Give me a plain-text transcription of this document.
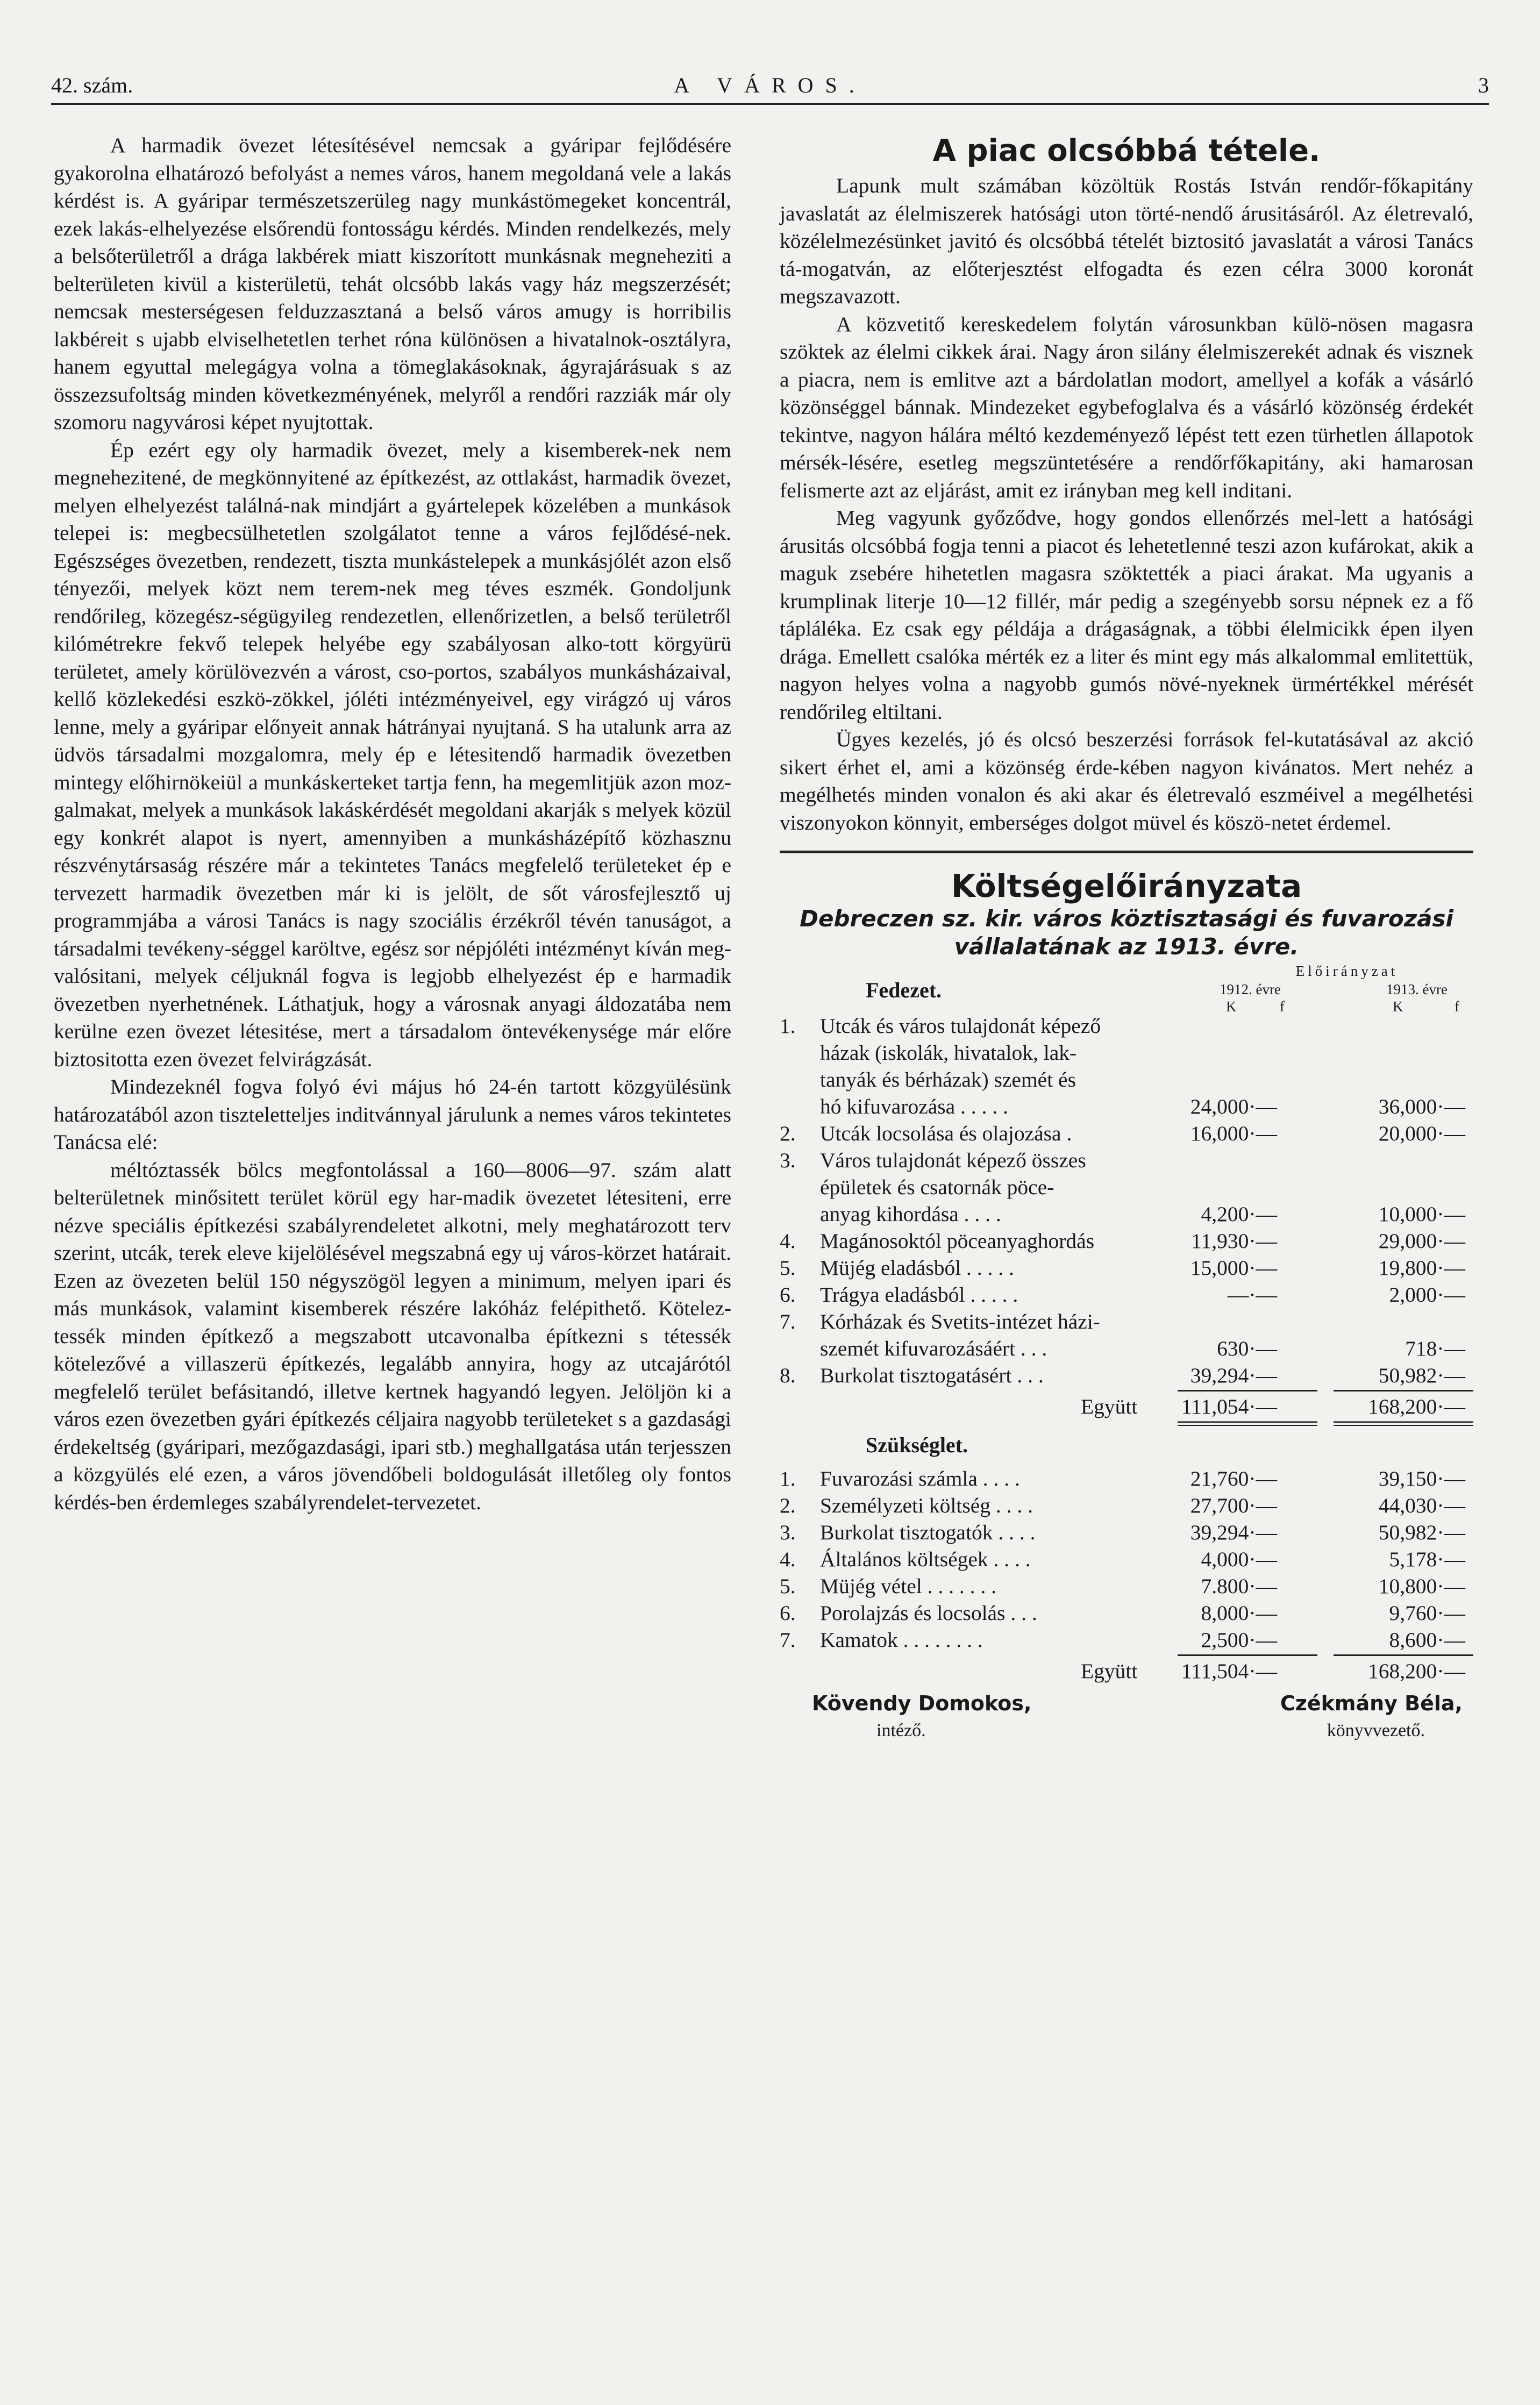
42. szám.	A VÁROS.	3

A harmadik övezet létesítésével nemcsak a gyáripar fejlődésére gyakorolna elhatározó befolyást a nemes város, hanem megoldaná vele a lakás kérdést is. A gyáripar természetszerüleg nagy munkástömegeket koncentrál, ezek lakás-elhelyezése elsőrendü fontosságu kérdés. Minden rendelkezés, mely a belsőterületről a drága lakbérek miatt kiszorított munkásnak megneheziti a belterületen kivül a kisterületü, tehát olcsóbb lakás vagy ház megszerzését; nemcsak mesterségesen felduzzasztaná a belső város amugy is horribilis lakbéreit s ujabb elviselhetetlen terhet róna különösen a hivatalnok-osztályra, hanem egyuttal melegágya volna a tömeglakásoknak, ágyrajárásuak s az összezsufoltság minden következményének, melyről a rendőri razziák már oly szomoru nagyvárosi képet nyujtottak.

Ép ezért egy oly harmadik övezet, mely a kisemberek-nek nem megnehezitené, de megkönnyitené az építkezést, az ottlakást, harmadik övezet, melyen elhelyezést találná-nak mindjárt a gyártelepek közelében a munkások telepei is: megbecsülhetetlen szolgálatot tenne a város fejlődésé-nek. Egészséges övezetben, rendezett, tiszta munkástelepek a munkásjólét azon első tényezői, melyek közt nem terem-nek meg téves eszmék. Gondoljunk rendőrileg, közegész-ségügyileg rendezetlen, ellenőrizetlen, a belső területről kilómétrekre fekvő telepek helyébe egy szabályosan alko-tott körgyürü területet, amely körülövezvén a várost, cso-portos, szabályos munkásházaival, kellő közlekedési eszkö-zökkel, jóléti intézményeivel, egy virágzó uj város lenne, mely a gyáripar előnyeit annak hátrányai nyujtaná. S ha utalunk arra az üdvös társadalmi mozgalomra, mely ép e létesitendő harmadik övezetben mintegy előhirnökeiül a munkáskerteket tartja fenn, ha megemlitjük azon moz-galmakat, melyek a munkások lakáskérdését megoldani akarják s melyek közül egy konkrét alapot is nyert, amennyiben a munkásházépítő közhasznu részvénytársaság részére már a tekintetes Tanács megfelelő területeket ép e tervezett harmadik övezetben már ki is jelölt, de sőt városfejlesztő uj programmjába a városi Tanács is nagy szociális érzékről tévén tanuságot, a társadalmi tevékeny-séggel karöltve, egész sor népjóléti intézményt kíván meg-valósitani, melyek céljuknál fogva is legjobb elhelyezést ép e harmadik övezetben nyerhetnének. Láthatjuk, hogy a városnak anyagi áldozatába nem kerülne ezen övezet létesitése, mert a társadalom öntevékenysége már előre biztositotta ezen övezet felvirágzását.

Mindezeknél fogva folyó évi május hó 24-én tartott közgyülésünk határozatából azon tiszteletteljes inditvánnyal járulunk a nemes város tekintetes Tanácsa elé:

méltóztassék bölcs megfontolással a 160—8006—97. szám alatt belterületnek minősitett terület körül egy har-madik övezetet létesiteni, erre nézve speciális építkezési szabályrendeletet alkotni, mely meghatározott terv szerint, utcák, terek eleve kijelölésével megszabná egy uj város-körzet határait. Ezen az övezeten belül 150 négyszögöl legyen a minimum, melyen ipari és más munkások, valamint kisemberek részére lakóház felépithető. Kötelez-tessék minden építkező a megszabott utcavonalba építkezni s tétessék kötelezővé a villaszerü építkezés, legalább annyira, hogy az utcajárótól megfelelő terület befásitandó, illetve kertnek hagyandó legyen. Jelöljön ki a város ezen övezetben gyári építkezés céljaira nagyobb területeket s a gazdasági érdekeltség (gyáripari, mezőgazdasági, ipari stb.) meghallgatása után terjesszen a közgyülés elé ezen, a város jövendőbeli boldogulását illetőleg oly fontos kérdés-ben érdemleges szabályrendelet-tervezetet.

A piac olcsóbbá tétele.

Lapunk mult számában közöltük Rostás István rendőr-főkapitány javaslatát az élelmiszerek hatósági uton törté-nendő árusitásáról. Az életrevaló, közélelmezésünket javitó és olcsóbbá tételét biztositó javaslatát a városi Tanács tá-mogatván, az előterjesztést elfogadta és ezen célra 3000 koronát megszavazott.

A közvetitő kereskedelem folytán városunkban külö-nösen magasra szöktek az élelmi cikkek árai. Nagy áron silány élelmiszerekét adnak és visznek a piacra, nem is emlitve azt a bárdolatlan modort, amellyel a kofák a vásárló közönséggel bánnak. Mindezeket egybefoglalva és a vásárló közönség érdekét tekintve, nagyon hálára méltó kezdeményező lépést tett ezen türhetlen állapotok mérsék-lésére, esetleg megszüntetésére a rendőrfőkapitány, aki hamarosan felismerte azt az eljárást, amit ez irányban meg kell inditani.

Meg vagyunk győződve, hogy gondos ellenőrzés mel-lett a hatósági árusitás olcsóbbá fogja tenni a piacot és lehetetlenné teszi azon kufárokat, akik a maguk zsebére hihetetlen magasra szöktették a piaci árakat. Ma ugyanis a krumplinak literje 10—12 fillér, már pedig a szegényebb sorsu népnek ez a fő tápláléka. Ez csak egy példája a drágaságnak, a többi élelmicikk épen ilyen drága. Emellett csalóka mérték ez a liter és mint egy más alkalommal emlitettük, nagyon helyes volna a nagyobb gumós növé-nyeknek ürmértékkel mérését rendőrileg eltiltani.

Ügyes kezelés, jó és olcsó beszerzési források fel-kutatásával az akció sikert érhet el, ami a közönség érde-kében nagyon kivánatos. Mert nehéz a megélhetés minden vonalon és aki akar és életrevaló eszméivel a megélhetési viszonyokon könnyit, emberséges dolgot müvel és köszö-netet érdemel.

Költségelőirányzata
Debreczen sz. kir. város köztisztasági és fuvarozási
vállalatának az 1913. évre.
Fedezet.
Előirányzat
1912. évre	1913. évre
K	f	K	f
1. Utcák és város tulajdonát képező
házak (iskolák, hivatalok, lak-
tanyák és bérházak) szemét és
hó kifuvarozása . . . . .	24,000·—	36,000·—
2. Utcák locsolása és olajozása .	16,000·—	20,000·—
3. Város tulajdonát képező összes
épületek és csatornák pöce-
anyag kihordása . . . .	4,200·—	10,000·—
4. Magánosoktól pöceanyaghordás	11,930·—	29,000·—
5. Müjég eladásból . . . . .	15,000·—	19,800·—
6. Trágya eladásból . . . . .	—·—	2,000·—
7. Kórházak és Svetits-intézet házi-
szemét kifuvarozásáért . . .	630·—	718·—
8. Burkolat tisztogatásért . . .	39,294·—	50,982·—
Együtt 111,054·—	168,200·—
Szükséglet.
1. Fuvarozási számla . . . .	21,760·—	39,150·—
2. Személyzeti költség . . . .	27,700·—	44,030·—
3. Burkolat tisztogatók . . . .	39,294·—	50,982·—
4. Általános költségek . . . .	4,000·—	5,178·—
5. Müjég vétel . . . . . . .	7.800·—	10,800·—
6. Porolajzás és locsolás . . .	8,000·—	9,760·—
7. Kamatok . . . . . . . .	2,500·—	8,600·—
Együtt 111,504·—	168,200·—
Kövendy Domokos,
intéző.
Czékmány Béla,
könyvvezető.
